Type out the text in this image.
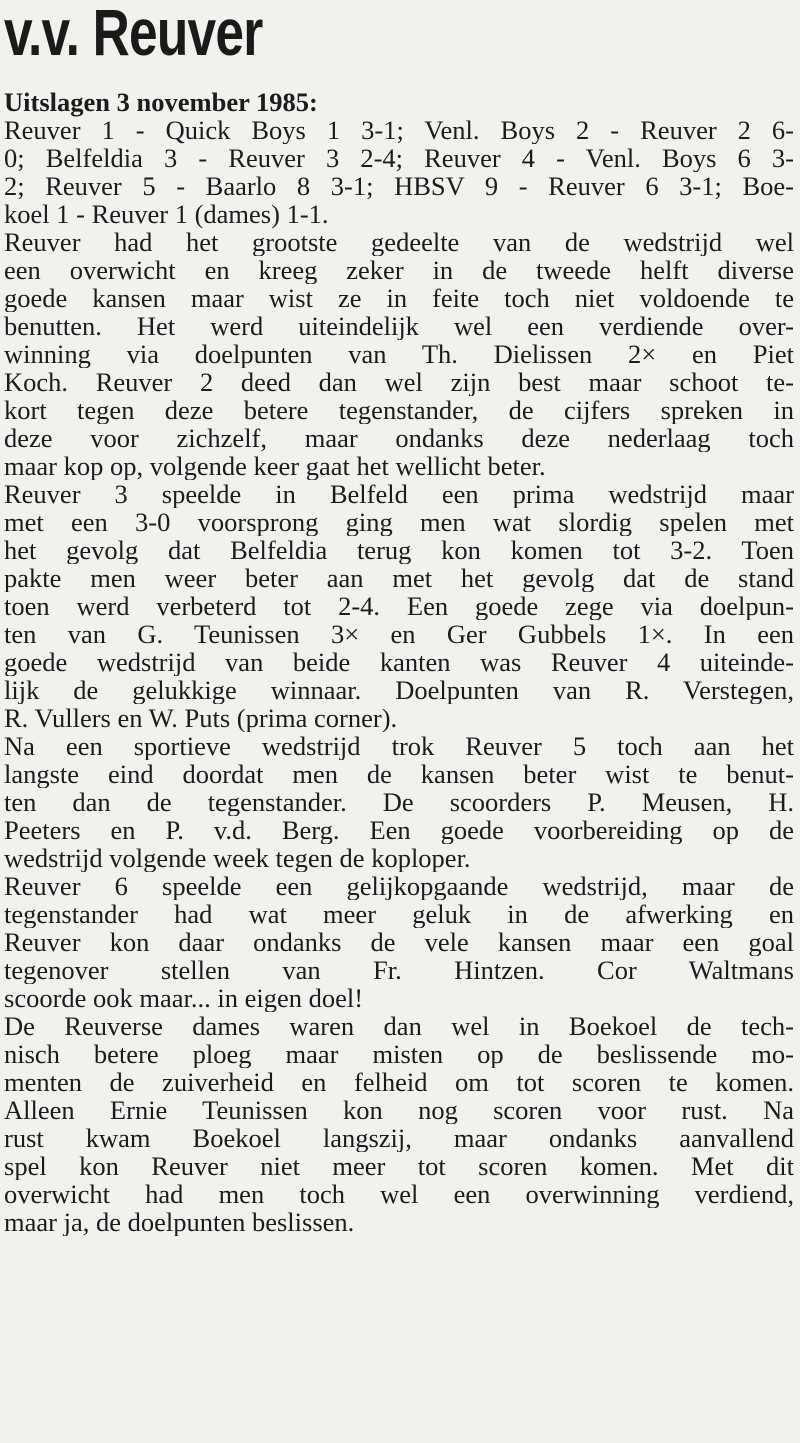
v.v. Reuver
Uitslagen 3 november 1985:
Reuver 1 - Quick Boys 1 3-1; Venl. Boys 2 - Reuver 2 6-
0; Belfeldia 3 - Reuver 3 2-4; Reuver 4 - Venl. Boys 6 3-
2; Reuver 5 - Baarlo 8 3-1; HBSV 9 - Reuver 6 3-1; Boe-
koel 1 - Reuver 1 (dames) 1-1.
Reuver had het grootste gedeelte van de wedstrijd wel
een overwicht en kreeg zeker in de tweede helft diverse
goede kansen maar wist ze in feite toch niet voldoende te
benutten. Het werd uiteindelijk wel een verdiende over-
winning via doelpunten van Th. Dielissen 2× en Piet
Koch. Reuver 2 deed dan wel zijn best maar schoot te-
kort tegen deze betere tegenstander, de cijfers spreken in
deze voor zichzelf, maar ondanks deze nederlaag toch
maar kop op, volgende keer gaat het wellicht beter.
Reuver 3 speelde in Belfeld een prima wedstrijd maar
met een 3-0 voorsprong ging men wat slordig spelen met
het gevolg dat Belfeldia terug kon komen tot 3-2. Toen
pakte men weer beter aan met het gevolg dat de stand
toen werd verbeterd tot 2-4. Een goede zege via doelpun-
ten van G. Teunissen 3× en Ger Gubbels 1×. In een
goede wedstrijd van beide kanten was Reuver 4 uiteinde-
lijk de gelukkige winnaar. Doelpunten van R. Verstegen,
R. Vullers en W. Puts (prima corner).
Na een sportieve wedstrijd trok Reuver 5 toch aan het
langste eind doordat men de kansen beter wist te benut-
ten dan de tegenstander. De scoorders P. Meusen, H.
Peeters en P. v.d. Berg. Een goede voorbereiding op de
wedstrijd volgende week tegen de koploper.
Reuver 6 speelde een gelijkopgaande wedstrijd, maar de
tegenstander had wat meer geluk in de afwerking en
Reuver kon daar ondanks de vele kansen maar een goal
tegenover stellen van Fr. Hintzen. Cor Waltmans
scoorde ook maar... in eigen doel!
De Reuverse dames waren dan wel in Boekoel de tech-
nisch betere ploeg maar misten op de beslissende mo-
menten de zuiverheid en felheid om tot scoren te komen.
Alleen Ernie Teunissen kon nog scoren voor rust. Na
rust kwam Boekoel langszij, maar ondanks aanvallend
spel kon Reuver niet meer tot scoren komen. Met dit
overwicht had men toch wel een overwinning verdiend,
maar ja, de doelpunten beslissen.
